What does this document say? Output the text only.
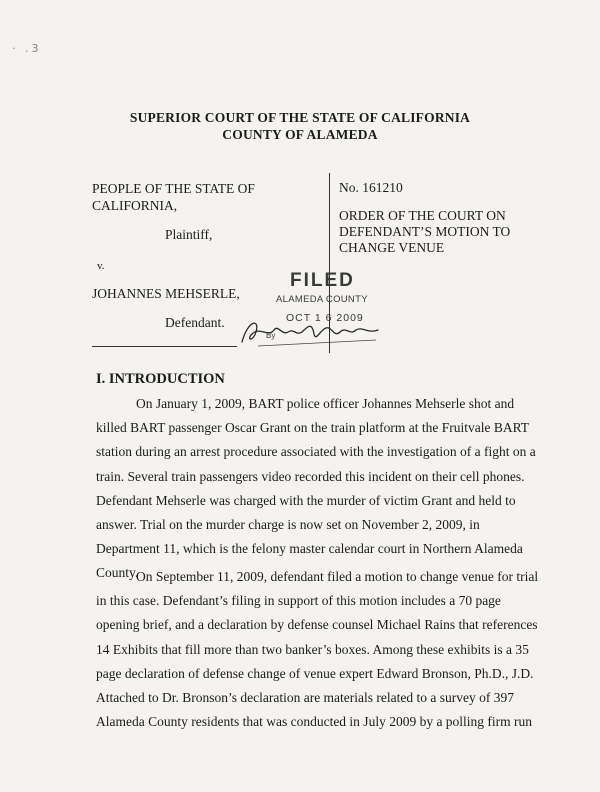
· .3
SUPERIOR COURT OF THE STATE OF CALIFORNIA
COUNTY OF ALAMEDA
PEOPLE OF THE STATE OF
CALIFORNIA,
Plaintiff,
v.
JOHANNES MEHSERLE,
Defendant.
No. 161210
ORDER OF THE COURT ON
DEFENDANT’S MOTION TO
CHANGE VENUE
FILED
ALAMEDA COUNTY
OCT 1 6 2009
By
I. INTRODUCTION
On January 1, 2009, BART police officer Johannes Mehserle shot and
killed BART passenger Oscar Grant on the train platform at the Fruitvale BART
station during an arrest procedure associated with the investigation of a fight on a
train. Several train passengers video recorded this incident on their cell phones.
Defendant Mehserle was charged with the murder of victim Grant and held to
answer. Trial on the murder charge is now set on November 2, 2009, in
Department 11, which is the felony master calendar court in Northern Alameda
County.
On September 11, 2009, defendant filed a motion to change venue for trial
in this case. Defendant’s filing in support of this motion includes a 70 page
opening brief, and a declaration by defense counsel Michael Rains that references
14 Exhibits that fill more than two banker’s boxes. Among these exhibits is a 35
page declaration of defense change of venue expert Edward Bronson, Ph.D., J.D.
Attached to Dr. Bronson’s declaration are materials related to a survey of 397
Alameda County residents that was conducted in July 2009 by a polling firm run
